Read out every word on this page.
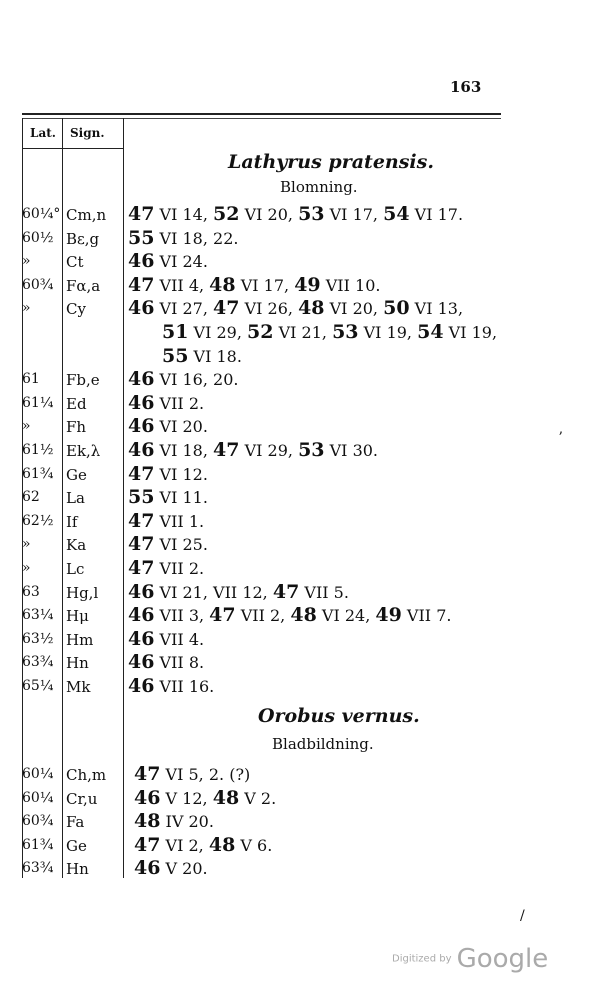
163
Lat. Sign.
Lathyrus pratensis.
Blomning.
60¼° Cm,n	47 VI 14, 52 VI 20, 53 VI 17, 54 VI 17.
60½ Bε,g	55 VI 18, 22.
»	Ct	46 VI 24.
60¾ Fα,a	47 VII 4, 48 VI 17, 49 VII 10.
»	Cy	46 VI 27, 47 VI 26, 48 VI 20, 50 VI 13,
51 VI 29, 52 VI 21, 53 VI 19, 54 VI 19,
55 VI 18.
61	Fb,e	46 VI 16, 20.
61¼ Ed	46 VII 2.
»	Fh	46 VI 20.
61½ Ek,λ	46 VI 18, 47 VI 29, 53 VI 30.
61¾ Ge	47 VI 12.
62	La	55 VI 11.
62½ If	47 VII 1.
»	Ka	47 VI 25.
»	Lc	47 VII 2.
63	Hg,l	46 VI 21, VII 12, 47 VII 5.
63¼ Hμ	46 VII 3, 47 VII 2, 48 VI 24, 49 VII 7.
63½ Hm	46 VII 4.
63¾ Hn	46 VII 8.
65¼ Mk	46 VII 16.
Orobus vernus.
Bladbildning.
60¼ Ch,m	47 VI 5, 2. (?)
60¼ Cr,u	46 V 12, 48 V 2.
60¾ Fa	48 IV 20.
61¾ Ge	47 VI 2, 48 V 6.
63¾ Hn	46 V 20.
ʼ
/
Digitized by Google
